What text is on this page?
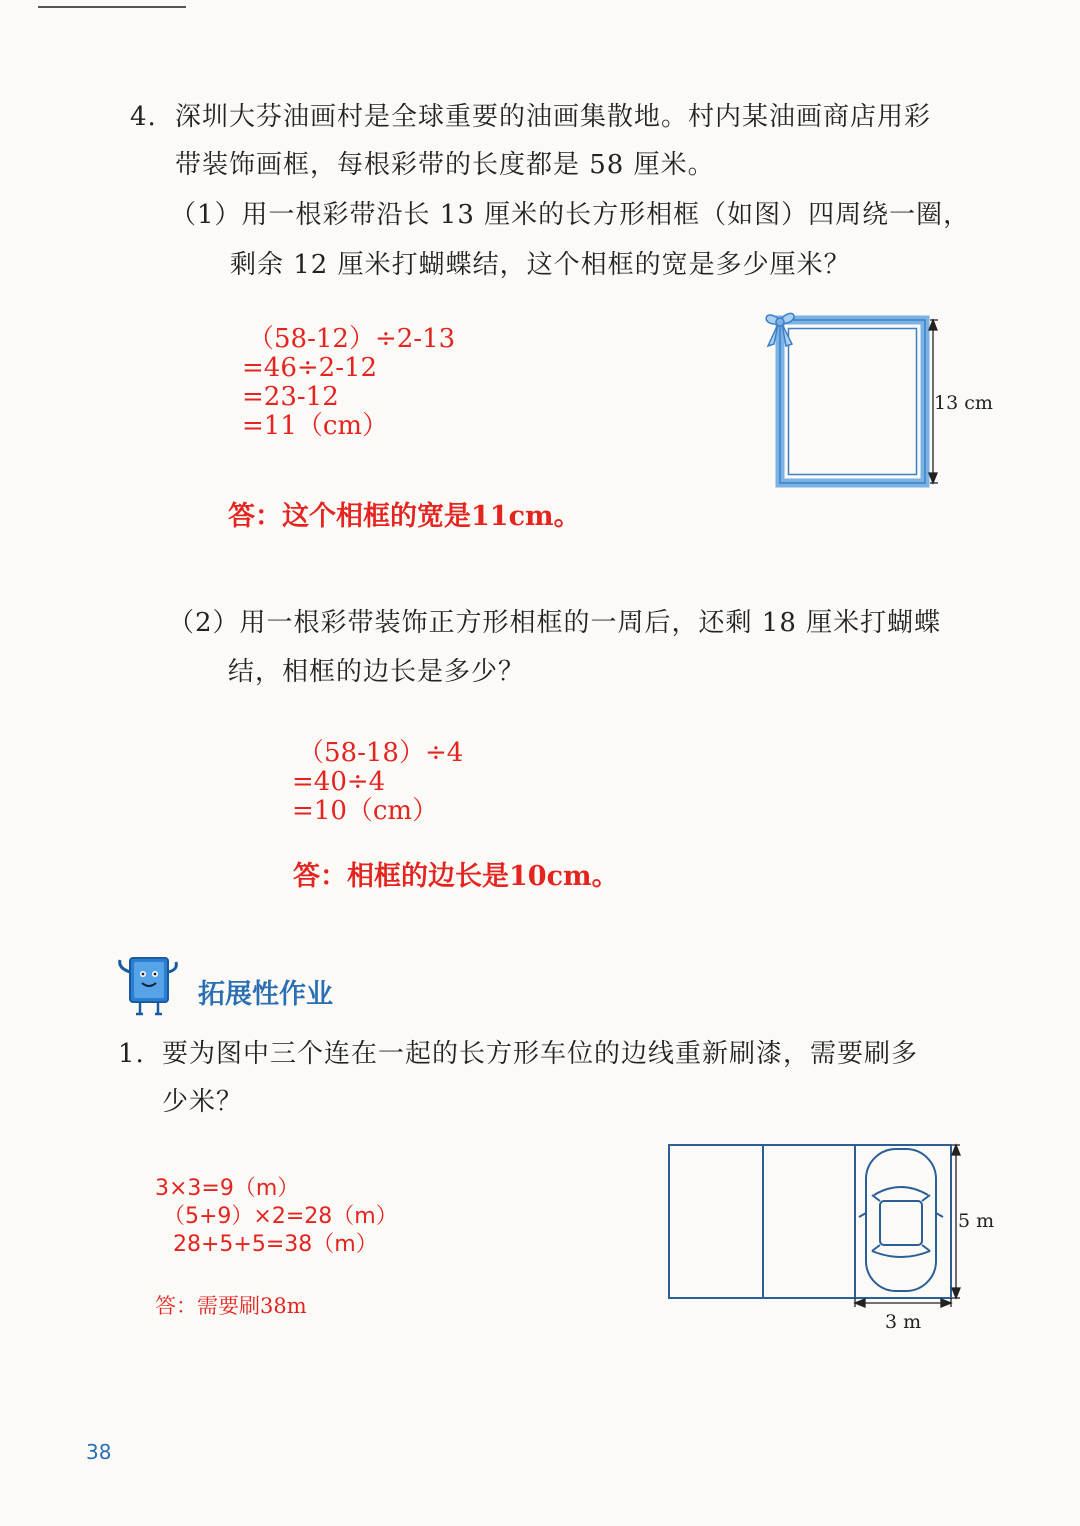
4. 深圳大芬油画村是全球重要的油画集散地。村内某油画商店用彩
带装饰画框，每根彩带的长度都是 58 厘米。
（1）用一根彩带沿长 13 厘米的长方形相框（如图）四周绕一圈，
剩余 12 厘米打蝴蝶结，这个相框的宽是多少厘米？
（58-12）÷2-13
=46÷2-12
=23-12
=11（cm）
答：这个相框的宽是11cm。
13 cm
（2）用一根彩带装饰正方形相框的一周后，还剩 18 厘米打蝴蝶
结，相框的边长是多少？
（58-18）÷4
=40÷4
=10（cm）
答：相框的边长是10cm。
拓展性作业
1. 要为图中三个连在一起的长方形车位的边线重新刷漆，需要刷多
少米？
3×3=9（m）
（5+9）×2=28（m）
28+5+5=38（m）
答：需要刷38m
5 m
3 m
38
